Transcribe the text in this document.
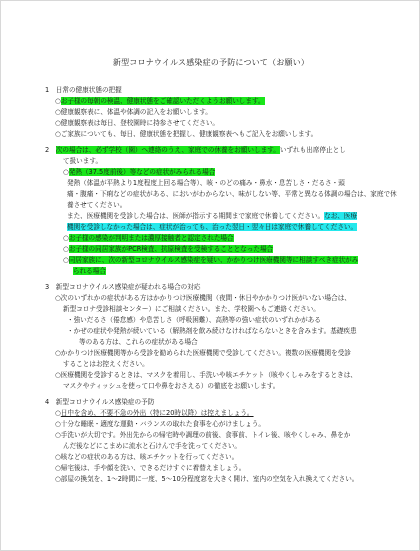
新型コロナウイルス感染症の予防について（お願い）
1　日常の健康状態の把握
○お子様の毎朝の検温、健康状態をご確認いただくようお願いします。
○健康観察表に、体温や体調の記入をお願いします。
○健康観察表は毎日、登校園時に持参させてください。
○ご家族についても、毎日、健康状態を把握し、健康観察表へもご記入をお願いします。
2　次の場合は、必ず学校（園）へ連絡のうえ、家庭での休養をお願いします。いずれも出席停止とし
て扱います。
○発熱（37.5度前後）等などの症状がみられる場合
発熱（体温が平熱より1度程度上回る場合等）、咳・のどの痛み・鼻水・息苦しさ・だるさ・頭
痛・腹痛・下痢などの症状がある、においがわからない、味がしない等、平常と異なる体調の場合は、家庭で休
養させてください。
また、医療機関を受診した場合は、医師が指示する期間まで家庭で休養してください。なお、医療
機関を受診しなかった場合は、症状が治っても、治った翌日・翌々日は家庭で休養してください。
○お子様の感染が判明または濃厚接触者と認定された場合
○お子様の同居家族がPCR検査、抗原検査を受検することとなった場合
○同居家族に、次の新型コロナウイルス感染症を疑い、かかりつけ医療機関等に相談すべき症状がみ
られる場合
3　新型コロナウイルス感染症が疑われる場合の対応
○次のいずれかの症状がある方はかかりつけ医療機関（夜間・休日やかかりつけ医がいない場合は、
新型コロナ受診相談センター）にご相談ください。また、学校園へもご連絡ください。
・強いだるさ（倦怠感）や息苦しさ（呼吸困難）、高熱等の強い症状のいずれかがある
・かぜの症状や発熱が続いている（解熱剤を飲み続けなければならないときを含みます。基礎疾患
等のある方は、これらの症状がある場合
○かかりつけ医療機関等から受診を勧められた医療機関で受診してください。複数の医療機関を受診
することはお控えください。
○医療機関を受診するときは、マスクを着用し、手洗いや咳エチケット（咳やくしゃみをするときは、
マスクやティッシュを使って口や鼻をおさえる）の徹底をお願いします。
4　新型コロナウイルス感染症の予防
○日中を含め、不要不急の外出（特に20時以降）は控えましょう。
○十分な睡眠・適度な運動・バランスの取れた食事を心がけましょう。
○手洗いが大切です。外出先からの帰宅時や調理の前後、食事前、トイレ後、咳やくしゃみ、鼻をか
んだ後などにこまめに流水と石けんで手を洗ってください。
○咳などの症状のある方は、咳エチケットを行ってください。
○帰宅後は、手や顔を洗い、できるだけすぐに着替えましょう。
○部屋の換気を、1～2時間に一度、5～10分程度窓を大きく開け、室内の空気を入れ換えてください。
